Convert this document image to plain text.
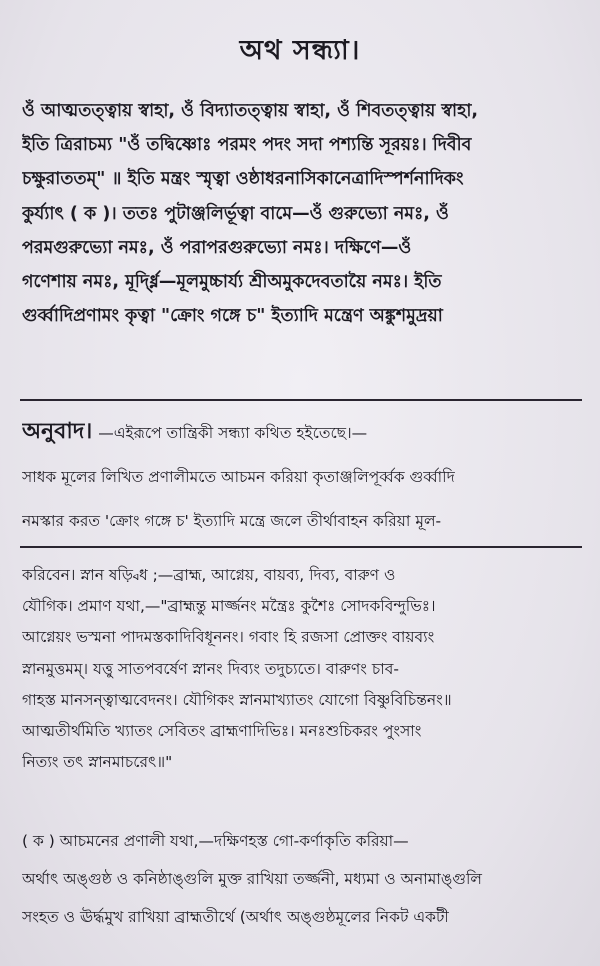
অথ সন্ধ্যা।
ওঁ আত্মতত্ত্বায় স্বাহা, ওঁ বিদ্যাতত্ত্বায় স্বাহা, ওঁ শিবতত্ত্বায় স্বাহা,
ইতি ত্রিরাচম্য "ওঁ তদ্বিষ্ণোঃ পরমং পদং সদা পশ্যন্তি সূরয়ঃ। দিবীব
চক্ষুরাততম্" ॥ ইতি মন্ত্রং স্মৃত্বা ওষ্ঠাধরনাসিকানেত্রাদিস্পর্শনাদিকং
কুর্য্যাৎ ( ক )। ততঃ পুটাঞ্জলির্ভূত্বা বামে—ওঁ গুরুভ্যো নমঃ, ওঁ
পরমগুরুভ্যো নমঃ, ওঁ পরাপরগুরুভ্যো নমঃ। দক্ষিণে—ওঁ
গণেশায় নমঃ, মূর্দ্ধ্নি—মূলমুচ্চার্য্য শ্রীঅমুকদেবতায়ৈ নমঃ। ইতি
গুর্ব্বাদিপ্রণামং কৃত্বা "ক্রোং গঙ্গে চ" ইত্যাদি মন্ত্রেণ অঙ্কুশমুদ্রয়া
অনুবাদ। —এইরূপে তান্ত্রিকী সন্ধ্যা কথিত হইতেছে।—
সাধক মূলের লিখিত প্রণালীমতে আচমন করিয়া কৃতাঞ্জলিপূর্ব্বক গুর্ব্বাদি
নমস্কার করত 'ক্রোং গঙ্গে চ' ইত্যাদি মন্ত্রে জলে তীর্থাবাহন করিয়া মূল-
করিবেন। স্নান ষড়্বিধ ;—ব্রাহ্ম, আগ্নেয়, বায়ব্য, দিব্য, বারুণ ও
যৌগিক। প্রমাণ যথা,—"ব্রাহ্মন্তু মার্জ্জনং মন্ত্রৈঃ কুশৈঃ সোদকবিন্দুভিঃ।
আগ্নেয়ং ভস্মনা পাদমস্তকাদিবিধূননং। গবাং হি রজসা প্রোক্তং বায়ব্যং
স্নানমুত্তমম্। যত্তু সাতপবর্ষেণ স্নানং দিব্যং তদুচ্যতে। বারুণং চাব-
গাহস্ত মানসন্ত্বাত্মবেদনং। যৌগিকং স্নানমাখ্যাতং যোগো বিষ্ণুবিচিন্তনং॥
আত্মতীর্থমিতি খ্যাতং সেবিতং ব্রাহ্মণাদিভিঃ। মনঃশুচিকরং পুংসাং
নিত্যং তৎ স্নানমাচরেৎ॥"
( ক ) আচমনের প্রণালী যথা,—দক্ষিণহস্ত গো-কর্ণাকৃতি করিয়া—
অর্থাৎ অঙ্গুষ্ঠ ও কনিষ্ঠাঙ্গুলি মুক্ত রাখিয়া তর্জ্জনী, মধ্যমা ও অনামাঙ্গুলি
সংহত ও ঊর্দ্ধমুখ রাখিয়া ব্রাহ্মতীর্থে (অর্থাৎ অঙ্গুষ্ঠমূলের নিকট একটী
